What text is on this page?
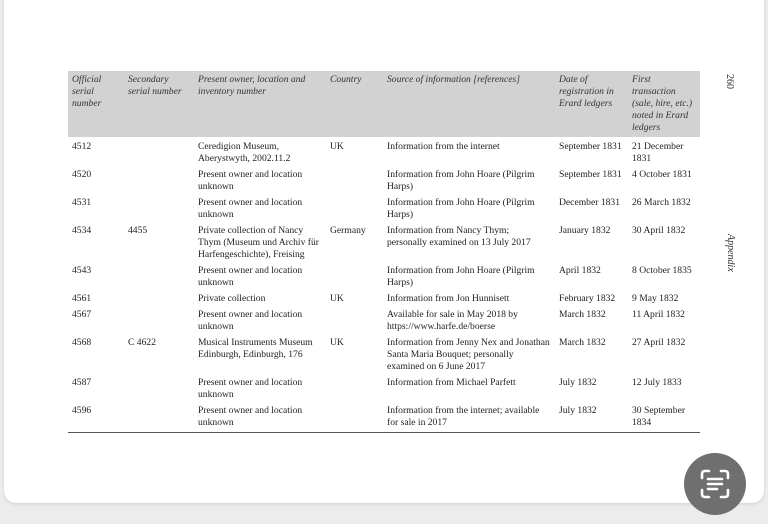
Official serial number	Secondary serial number	Present owner, location and inventory number	Country	Source of information [references]	Date of registration in Erard ledgers	First transaction (sale, hire, etc.) noted in Erard ledgers
4512		Ceredigion Museum, Aberystwyth, 2002.11.2	UK	Information from the internet	September 1831	21 December 1831
4520		Present owner and location unknown		Information from John Hoare (Pilgrim Harps)	September 1831	4 October 1831
4531		Present owner and location unknown		Information from John Hoare (Pilgrim Harps)	December 1831	26 March 1832
4534	4455	Private collection of Nancy Thym (Museum und Archiv für Harfengeschichte), Freising	Germany	Information from Nancy Thym; personally examined on 13 July 2017	January 1832	30 April 1832
4543		Present owner and location unknown		Information from John Hoare (Pilgrim Harps)	April 1832	8 October 1835
4561		Private collection	UK	Information from Jon Hunnisett	February 1832	9 May 1832
4567		Present owner and location unknown		Available for sale in May 2018 by https://www.harfe.de/boerse	March 1832	11 April 1832
4568	C 4622	Musical Instruments Museum Edinburgh, Edinburgh, 176	UK	Information from Jenny Nex and Jonathan Santa Maria Bouquet; personally examined on 6 June 2017	March 1832	27 April 1832
4587		Present owner and location unknown		Information from Michael Parfett	July 1832	12 July 1833
4596		Present owner and location unknown		Information from the internet; available for sale in 2017	July 1832	30 September 1834
260
Appendix
